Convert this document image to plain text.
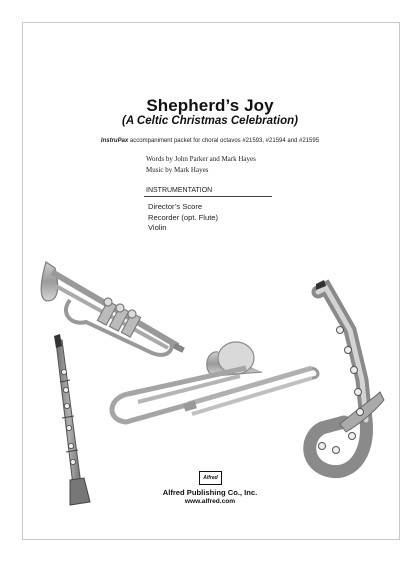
Shepherd’s Joy
(A Celtic Christmas Celebration)
InstruPax accompaniment packet for choral octavos #21593, #21594 and #21595
Words by John Parker and Mark Hayes
Music by Mark Hayes
INSTRUMENTATION
Director’s Score
Recorder (opt. Flute)
Violin
Alfred
Alfred Publishing Co., Inc.
www.alfred.com
